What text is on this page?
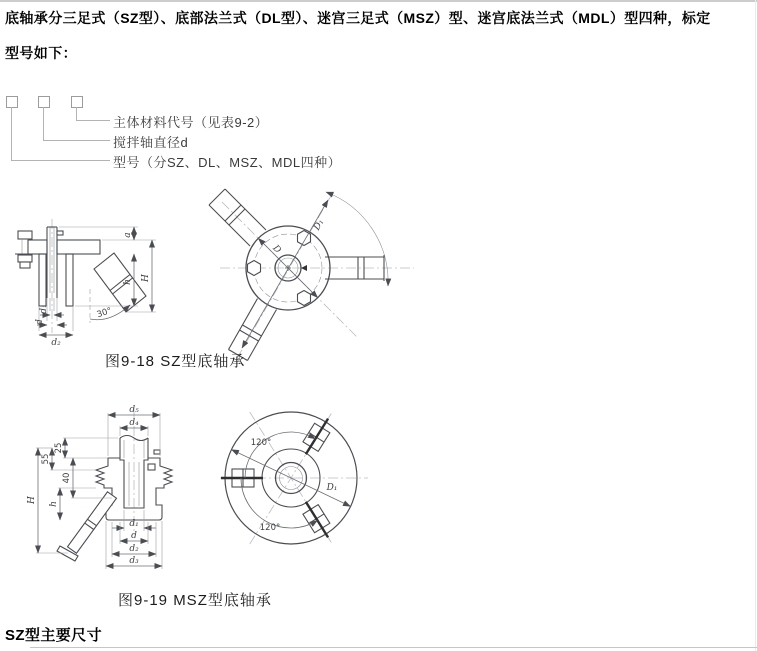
底轴承分三足式（SZ型）、底部法兰式（DL型）、迷宫三足式（MSZ）型、迷宫底法兰式（MDL）型四种，标定
型号如下：
主体材料代号（见表9-2）
搅拌轴直径d
型号（分SZ、DL、MSZ、MDL四种）
a
h
H
30°
d₁
d
d₂
D
D₁
图9-18 SZ型底轴承
d₅
d₄
25
55
40
h
H
d₁
d
d₂
d₃
120°
120°
D₁
图9-19 MSZ型底轴承
SZ型主要尺寸
